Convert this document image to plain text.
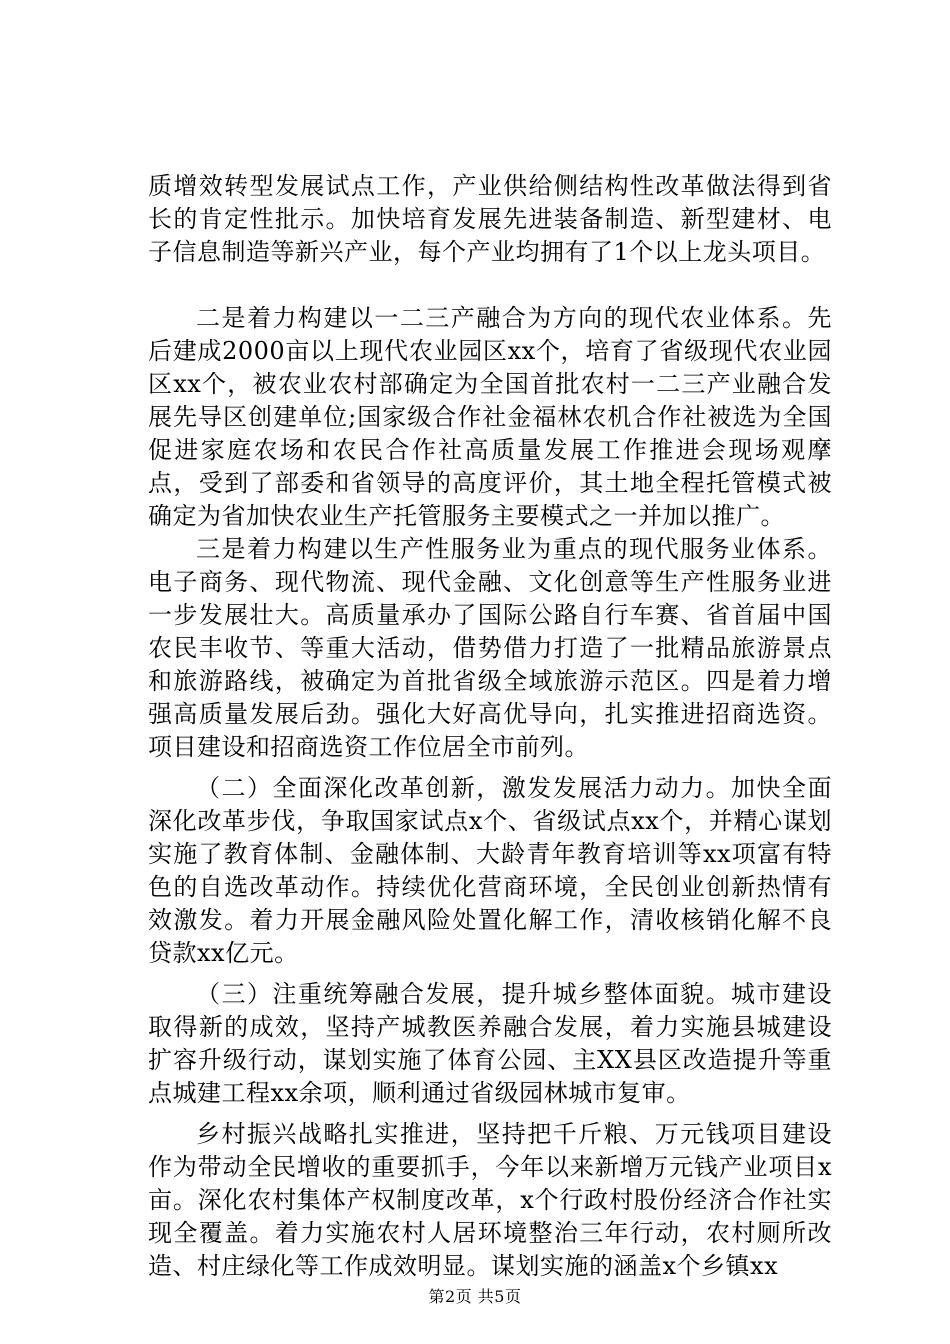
质增效转型发展试点工作，产业供给侧结构性改革做法得到省长的肯定性批示。加快培育发展先进装备制造、新型建材、电子信息制造等新兴产业，每个产业均拥有了1个以上龙头项目。

二是着力构建以一二三产融合为方向的现代农业体系。先后建成2000亩以上现代农业园区xx个，培育了省级现代农业园区xx个，被农业农村部确定为全国首批农村一二三产业融合发展先导区创建单位;国家级合作社金福林农机合作社被选为全国促进家庭农场和农民合作社高质量发展工作推进会现场观摩点，受到了部委和省领导的高度评价，其土地全程托管模式被确定为省加快农业生产托管服务主要模式之一并加以推广。

三是着力构建以生产性服务业为重点的现代服务业体系。电子商务、现代物流、现代金融、文化创意等生产性服务业进一步发展壮大。高质量承办了国际公路自行车赛、省首届中国农民丰收节、等重大活动，借势借力打造了一批精品旅游景点和旅游路线，被确定为首批省级全域旅游示范区。四是着力增强高质量发展后劲。强化大好高优导向，扎实推进招商选资。项目建设和招商选资工作位居全市前列。

（二）全面深化改革创新，激发发展活力动力。加快全面深化改革步伐，争取国家试点x个、省级试点xx个，并精心谋划实施了教育体制、金融体制、大龄青年教育培训等xx项富有特色的自选改革动作。持续优化营商环境，全民创业创新热情有效激发。着力开展金融风险处置化解工作，清收核销化解不良贷款xx亿元。

（三）注重统筹融合发展，提升城乡整体面貌。城市建设取得新的成效，坚持产城教医养融合发展，着力实施县城建设扩容升级行动，谋划实施了体育公园、主XX县区改造提升等重点城建工程xx余项，顺利通过省级园林城市复审。

乡村振兴战略扎实推进，坚持把千斤粮、万元钱项目建设作为带动全民增收的重要抓手，今年以来新增万元钱产业项目x亩。深化农村集体产权制度改革，x个行政村股份经济合作社实现全覆盖。着力实施农村人居环境整治三年行动，农村厕所改造、村庄绿化等工作成效明显。谋划实施的涵盖x个乡镇xx

第2页 共5页
